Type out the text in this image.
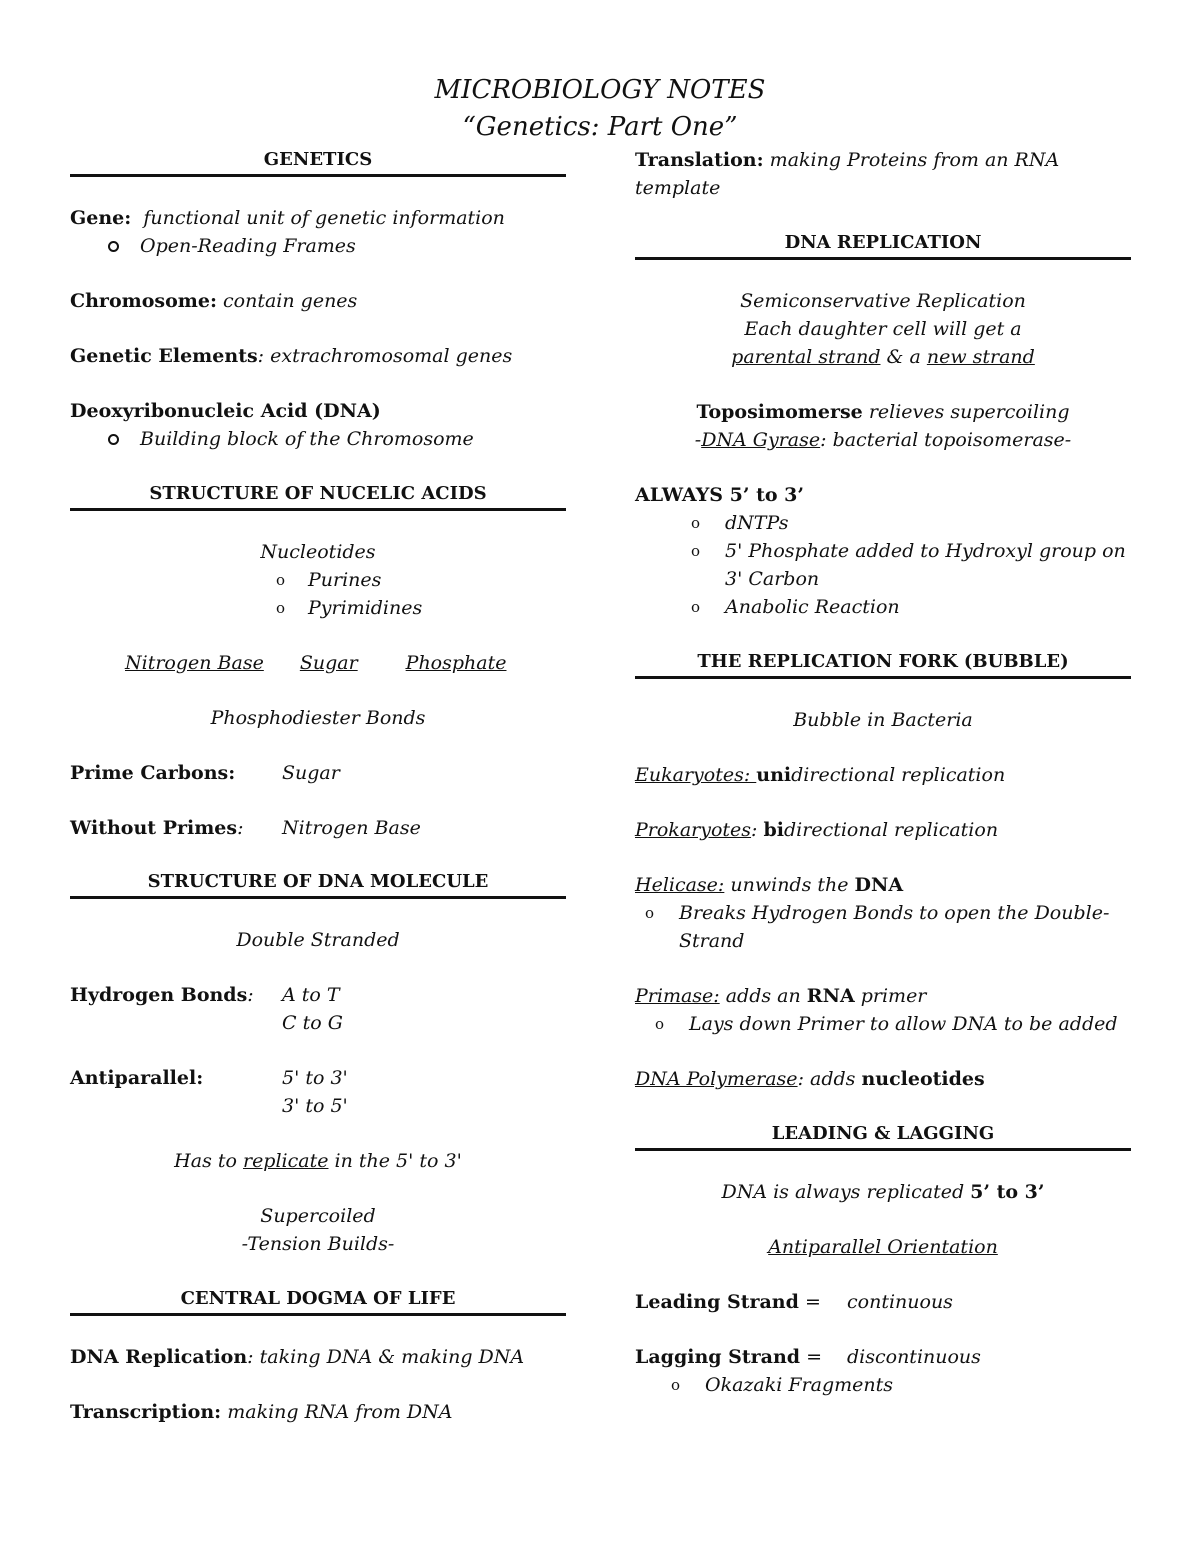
MICROBIOLOGY NOTES
“Genetics: Part One”
GENETICS
Gene: functional unit of genetic information
Open-Reading Frames
Chromosome: contain genes
Genetic Elements: extrachromosomal genes
Deoxyribonucleic Acid (DNA)
Building block of the Chromosome
STRUCTURE OF NUCELIC ACIDS
Nucleotides
o Purines
o Pyrimidines
Nitrogen Base Sugar	Phosphate
Phosphodiester Bonds
Prime Carbons: Sugar
Without Primes: Nitrogen Base
STRUCTURE OF DNA MOLECULE
Double Stranded
Hydrogen Bonds: A to T
C to G
Antiparallel:	5' to 3'
3' to 5'
Has to replicate in the 5' to 3'
Supercoiled
-Tension Builds-
CENTRAL DOGMA OF LIFE
DNA Replication: taking DNA & making DNA
Transcription: making RNA from DNA
Translation: making Proteins from an RNA
template
DNA REPLICATION
Semiconservative Replication
Each daughter cell will get a
parental strand & a new strand
Toposimomerse relieves supercoiling
-DNA Gyrase: bacterial topoisomerase-
ALWAYS 5’ to 3’
o dNTPs
o 5' Phosphate added to Hydroxyl group on
3' Carbon
o Anabolic Reaction
THE REPLICATION FORK (BUBBLE)
Bubble in Bacteria
Eukaryotes: unidirectional replication
Prokaryotes: bidirectional replication
Helicase: unwinds the DNA
o Breaks Hydrogen Bonds to open the Double-
Strand
Primase: adds an RNA primer
o Lays down Primer to allow DNA to be added
DNA Polymerase: adds nucleotides
LEADING & LAGGING
DNA is always replicated 5’ to 3’
Antiparallel Orientation
Leading Strand = continuous
Lagging Strand = discontinuous
o Okazaki Fragments
